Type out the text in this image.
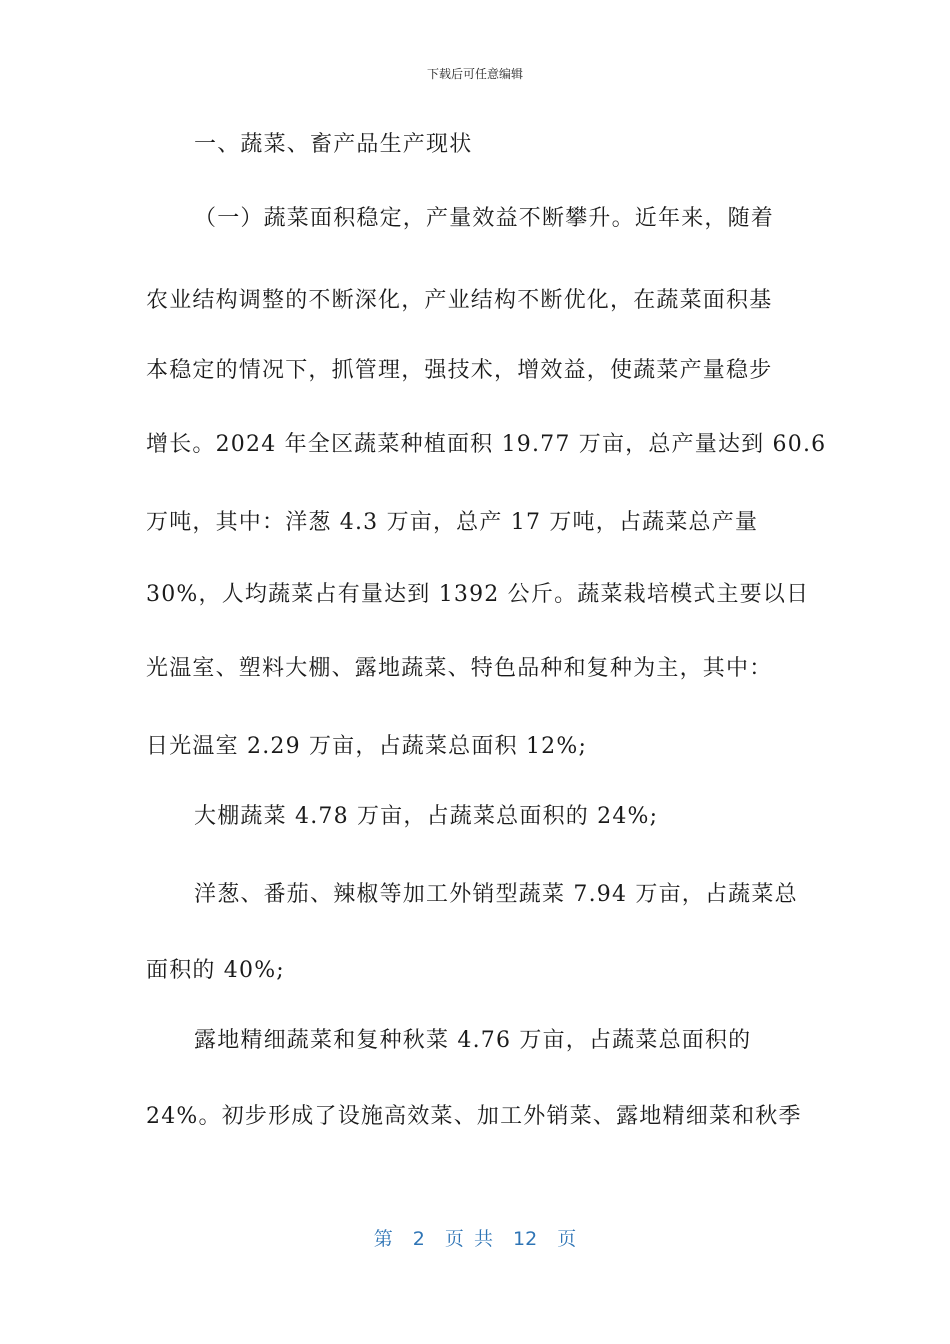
下载后可任意编辑
一、蔬菜、畜产品生产现状
（一）蔬菜面积稳定，产量效益不断攀升。近年来，随着
农业结构调整的不断深化，产业结构不断优化，在蔬菜面积基
本稳定的情况下，抓管理，强技术，增效益，使蔬菜产量稳步
增长。2024 年全区蔬菜种植面积 19.77 万亩，总产量达到 60.6
万吨，其中：洋葱 4.3 万亩，总产 17 万吨，占蔬菜总产量
30%，人均蔬菜占有量达到 1392 公斤。蔬菜栽培模式主要以日
光温室、塑料大棚、露地蔬菜、特色品种和复种为主，其中：
日光温室 2.29 万亩，占蔬菜总面积 12%;
大棚蔬菜 4.78 万亩，占蔬菜总面积的 24%;
洋葱、番茄、辣椒等加工外销型蔬菜 7.94 万亩，占蔬菜总
面积的 40%;
露地精细蔬菜和复种秋菜 4.76 万亩，占蔬菜总面积的
24%。初步形成了设施高效菜、加工外销菜、露地精细菜和秋季
第  2  页 共  12  页
